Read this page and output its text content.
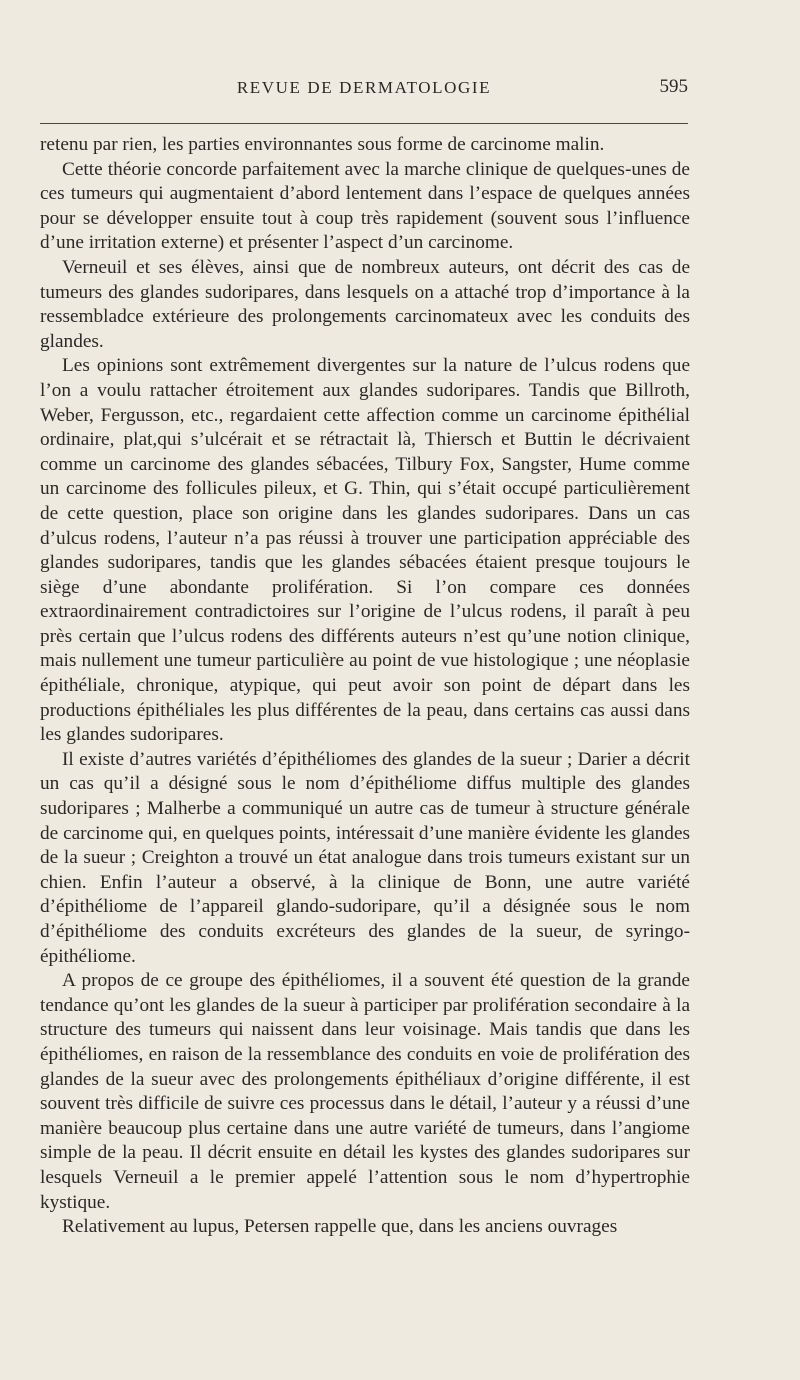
REVUE DE DERMATOLOGIE	595

retenu par rien, les parties environnantes sous forme de carcinome malin.

Cette théorie concorde parfaitement avec la marche clinique de quelques-unes de ces tumeurs qui augmentaient d’abord lentement dans l’espace de quelques années pour se développer ensuite tout à coup très rapidement (souvent sous l’influence d’une irritation externe) et présenter l’aspect d’un carcinome.

Verneuil et ses élèves, ainsi que de nombreux auteurs, ont décrit des cas de tumeurs des glandes sudoripares, dans lesquels on a attaché trop d’importance à la ressembladce extérieure des prolongements carcinomateux avec les conduits des glandes.

Les opinions sont extrêmement divergentes sur la nature de l’ulcus rodens que l’on a voulu rattacher étroitement aux glandes sudoripares. Tandis que Billroth, Weber, Fergusson, etc., regardaient cette affection comme un carcinome épithélial ordinaire, plat,qui s’ulcérait et se rétractait là, Thiersch et Buttin le décrivaient comme un carcinome des glandes sébacées, Tilbury Fox, Sangster, Hume comme un carcinome des follicules pileux, et G. Thin, qui s’était occupé particulièrement de cette question, place son origine dans les glandes sudoripares. Dans un cas d’ulcus rodens, l’auteur n’a pas réussi à trouver une participation appréciable des glandes sudoripares, tandis que les glandes sébacées étaient presque toujours le siège d’une abondante prolifération. Si l’on compare ces données extraordinairement contradictoires sur l’origine de l’ulcus rodens, il paraît à peu près certain que l’ulcus rodens des différents auteurs n’est qu’une notion clinique, mais nullement une tumeur particulière au point de vue histologique ; une néoplasie épithéliale, chronique, atypique, qui peut avoir son point de départ dans les productions épithéliales les plus différentes de la peau, dans certains cas aussi dans les glandes sudoripares.

Il existe d’autres variétés d’épithéliomes des glandes de la sueur ; Darier a décrit un cas qu’il a désigné sous le nom d’épithéliome diffus multiple des glandes sudoripares ; Malherbe a communiqué un autre cas de tumeur à structure générale de carcinome qui, en quelques points, intéressait d’une manière évidente les glandes de la sueur ; Creighton a trouvé un état analogue dans trois tumeurs existant sur un chien. Enfin l’auteur a observé, à la clinique de Bonn, une autre variété d’épithéliome de l’appareil glando-sudoripare, qu’il a désignée sous le nom d’épithéliome des conduits excréteurs des glandes de la sueur, de syringo-épithéliome.

A propos de ce groupe des épithéliomes, il a souvent été question de la grande tendance qu’ont les glandes de la sueur à participer par prolifération secondaire à la structure des tumeurs qui naissent dans leur voisinage. Mais tandis que dans les épithéliomes, en raison de la ressemblance des conduits en voie de prolifération des glandes de la sueur avec des prolongements épithéliaux d’origine différente, il est souvent très difficile de suivre ces processus dans le détail, l’auteur y a réussi d’une manière beaucoup plus certaine dans une autre variété de tumeurs, dans l’angiome simple de la peau. Il décrit ensuite en détail les kystes des glandes sudoripares sur lesquels Verneuil a le premier appelé l’attention sous le nom d’hypertrophie kystique.

Relativement au lupus, Petersen rappelle que, dans les anciens ouvrages
